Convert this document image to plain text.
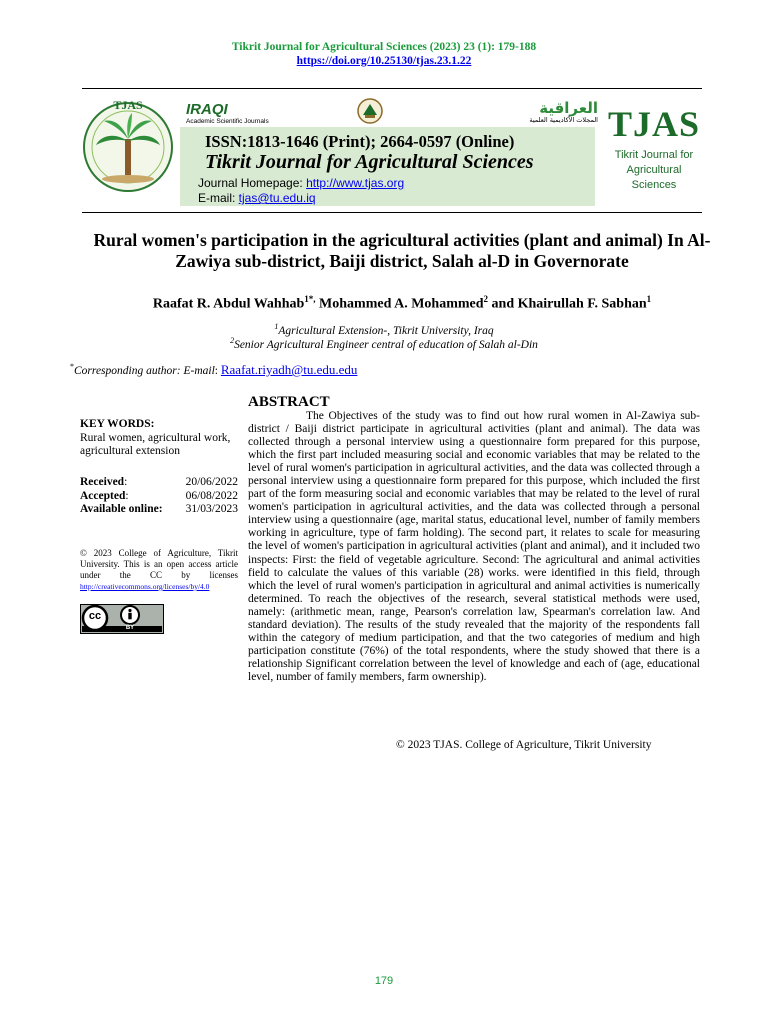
Tikrit Journal for Agricultural Sciences (2023) 23 (1): 179-188
https://doi.org/10.25130/tjas.23.1.22
TJAS	IRAQI
Academic Scientific Journals
العراقية
المجلات الأكاديمية العلمية
ISSN:1813-1646 (Print); 2664-0597 (Online)
Tikrit Journal for Agricultural Sciences
Journal Homepage: http://www.tjas.org
E-mail: tjas@tu.edu.iq
TJAS
Tikrit Journal for Agricultural Sciences
Rural women's participation in the agricultural activities (plant and animal) In Al-Zawiya sub-district, Baiji district, Salah al-D in Governorate
Raafat R. Abdul Wahhab$^{1*,}$ Mohammed A. Mohammed$^2$ and Khairullah F. Sabhan$^1$
$^1$Agricultural Extension-, Tikrit University, Iraq
$^2$Senior Agricultural Engineer central of education of Salah al-Din
*Corresponding author: E-mail: Raafat.riyadh@tu.edu.edu
KEY WORDS:
Rural women, agricultural work, agricultural extension
Received:	20/06/2022
Accepted:	06/08/2022
Available online: 31/03/2023
© 2023 College of Agriculture, Tikrit University. This is an open access article under the CC by licenses http://creativecommons.org/licenses/by/4.0
cc
BY
ABSTRACT
The Objectives of the study was to find out how rural women in Al-Zawiya sub-district / Baiji district participate in agricultural activities (plant and animal). The data was collected through a personal interview using a questionnaire form prepared for this purpose, which the first part included measuring social and economic variables that may be related to the level of rural women's participation in agricultural activities, and the data was collected through a personal interview using a questionnaire form prepared for this purpose, which included the first part of the form measuring social and economic variables that may be related to the level of rural women's participation in agricultural activities, and the data was collected through a personal interview using a questionnaire (age, marital status, educational level, number of family members working in agriculture, type of farm holding). The second part, it relates to scale for measuring the level of women's participation in agricultural activities (plant and animal), and it included two inspects: First: the field of vegetable agriculture. Second: The agricultural and animal activities field to calculate the values of this variable (28) works. were identified in this field, through which the level of rural women's participation in agricultural and animal activities is numerically determined. To reach the objectives of the research, several statistical methods were used, namely: (arithmetic mean, range, Pearson's correlation law, Spearman's correlation law. And standard deviation). The results of the study revealed that the majority of the respondents fall within the category of medium participation, and that the two categories of medium and high participation constitute (76%) of the total respondents, where the study showed that there is a relationship Significant correlation between the level of knowledge and each of (age, educational level, number of family members, farm ownership).
© 2023 TJAS. College of Agriculture, Tikrit University
179
